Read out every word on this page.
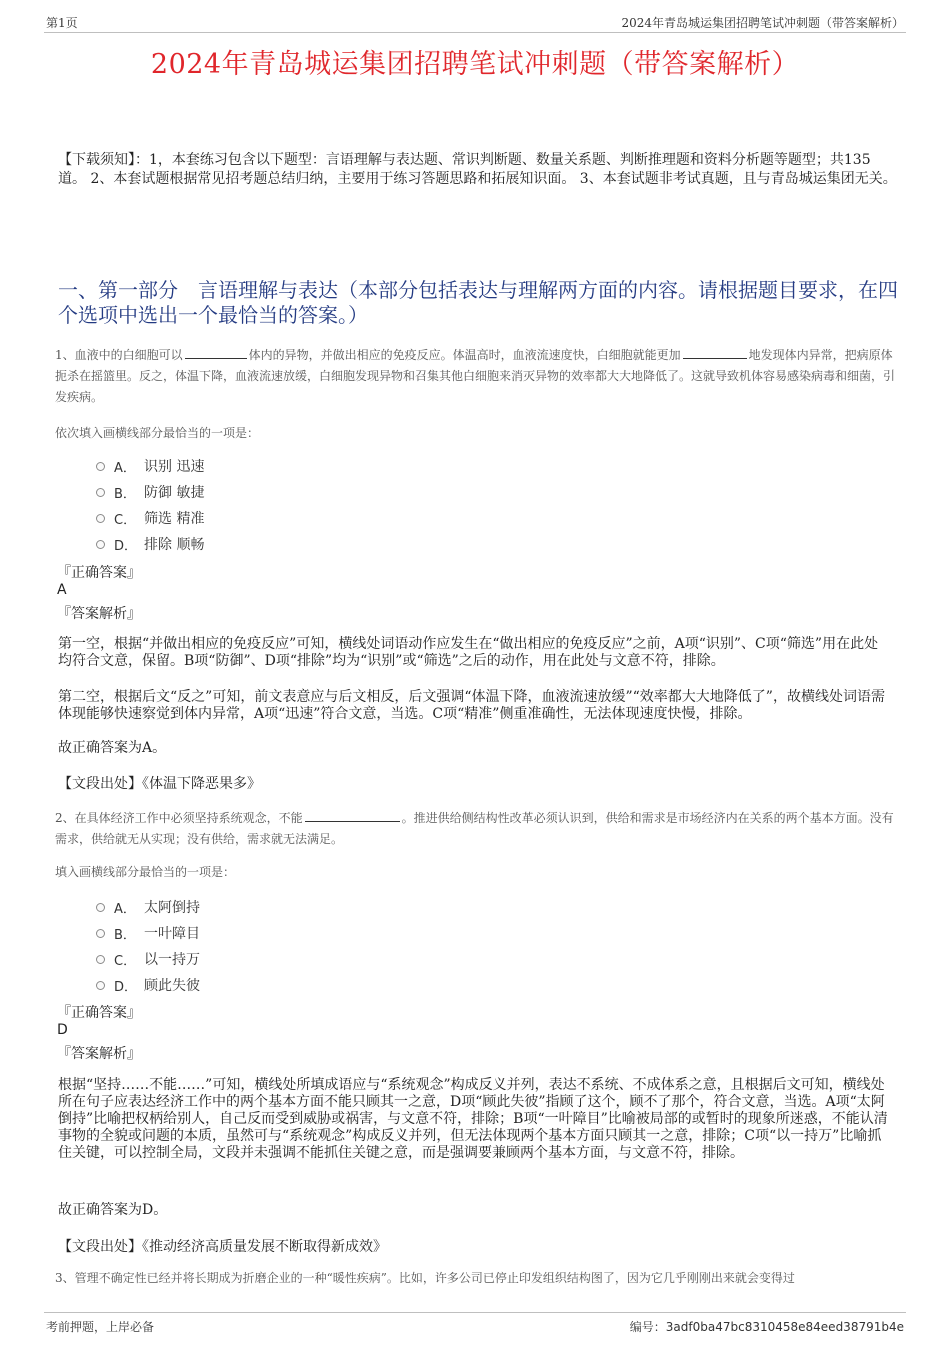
第1页	2024年青岛城运集团招聘笔试冲刺题（带答案解析）
2024年青岛城运集团招聘笔试冲刺题（带答案解析）
【下载须知】：1，本套练习包含以下题型：言语理解与表达题、常识判断题、数量关系题、判断推理题和资料分析题等题型；共135道。 2、本套试题根据常见招考题总结归纳，主要用于练习答题思路和拓展知识面。 3、本套试题非考试真题，且与青岛城运集团无关。
一、第一部分　言语理解与表达（本部分包括表达与理解两方面的内容。请根据题目要求，在四个选项中选出一个最恰当的答案。）
1、血液中的白细胞可以	体内的异物，并做出相应的免疫反应。体温高时，血液流速度快，白细胞就能更加	地发现体内异常，把病原体扼杀在摇篮里。反之，体温下降，血液流速放缓，白细胞发现异物和召集其他白细胞来消灭异物的效率都大大地降低了。这就导致机体容易感染病毒和细菌，引发疾病。
依次填入画横线部分最恰当的一项是：
A． 识别 迅速
B． 防御 敏捷
C． 筛选 精准
D． 排除 顺畅
『正确答案』
A
『答案解析』

第一空，根据“并做出相应的免疫反应”可知，横线处词语动作应发生在“做出相应的免疫反应”之前，A项“识别”、C项“筛选”用在此处均符合文意，保留。B项“防御”、D项“排除”均为“识别”或“筛选”之后的动作，用在此处与文意不符，排除。

第二空，根据后文“反之”可知，前文表意应与后文相反，后文强调“体温下降，血液流速放缓”“效率都大大地降低了”，故横线处词语需体现能够快速察觉到体内异常，A项“迅速”符合文意，当选。C项“精准”侧重准确性，无法体现速度快慢，排除。

故正确答案为A。

【文段出处】《体温下降恶果多》
2、在具体经济工作中必须坚持系统观念，不能	。推进供给侧结构性改革必须认识到，供给和需求是市场经济内在关系的两个基本方面。没有需求，供给就无从实现；没有供给，需求就无法满足。
填入画横线部分最恰当的一项是：
A． 太阿倒持
B． 一叶障目
C． 以一持万
D． 顾此失彼
『正确答案』
D
『答案解析』

根据“坚持……不能……”可知，横线处所填成语应与“系统观念”构成反义并列，表达不系统、不成体系之意，且根据后文可知，横线处所在句子应表达经济工作中的两个基本方面不能只顾其一之意，D项“顾此失彼”指顾了这个，顾不了那个，符合文意，当选。A项“太阿倒持”比喻把权柄给别人，自己反而受到威胁或祸害，与文意不符，排除；B项“一叶障目”比喻被局部的或暂时的现象所迷惑，不能认清事物的全貌或问题的本质，虽然可与“系统观念”构成反义并列，但无法体现两个基本方面只顾其一之意，排除；C项“以一持万”比喻抓住关键，可以控制全局，文段并未强调不能抓住关键之意，而是强调要兼顾两个基本方面，与文意不符，排除。

故正确答案为D。

【文段出处】《推动经济高质量发展不断取得新成效》
3、管理不确定性已经并将长期成为折磨企业的一种“暖性疾病”。比如，许多公司已停止印发组织结构图了，因为它几乎刚刚出来就会变得过
考前押题，上岸必备	编号：3adf0ba47bc8310458e84eed38791b4e
